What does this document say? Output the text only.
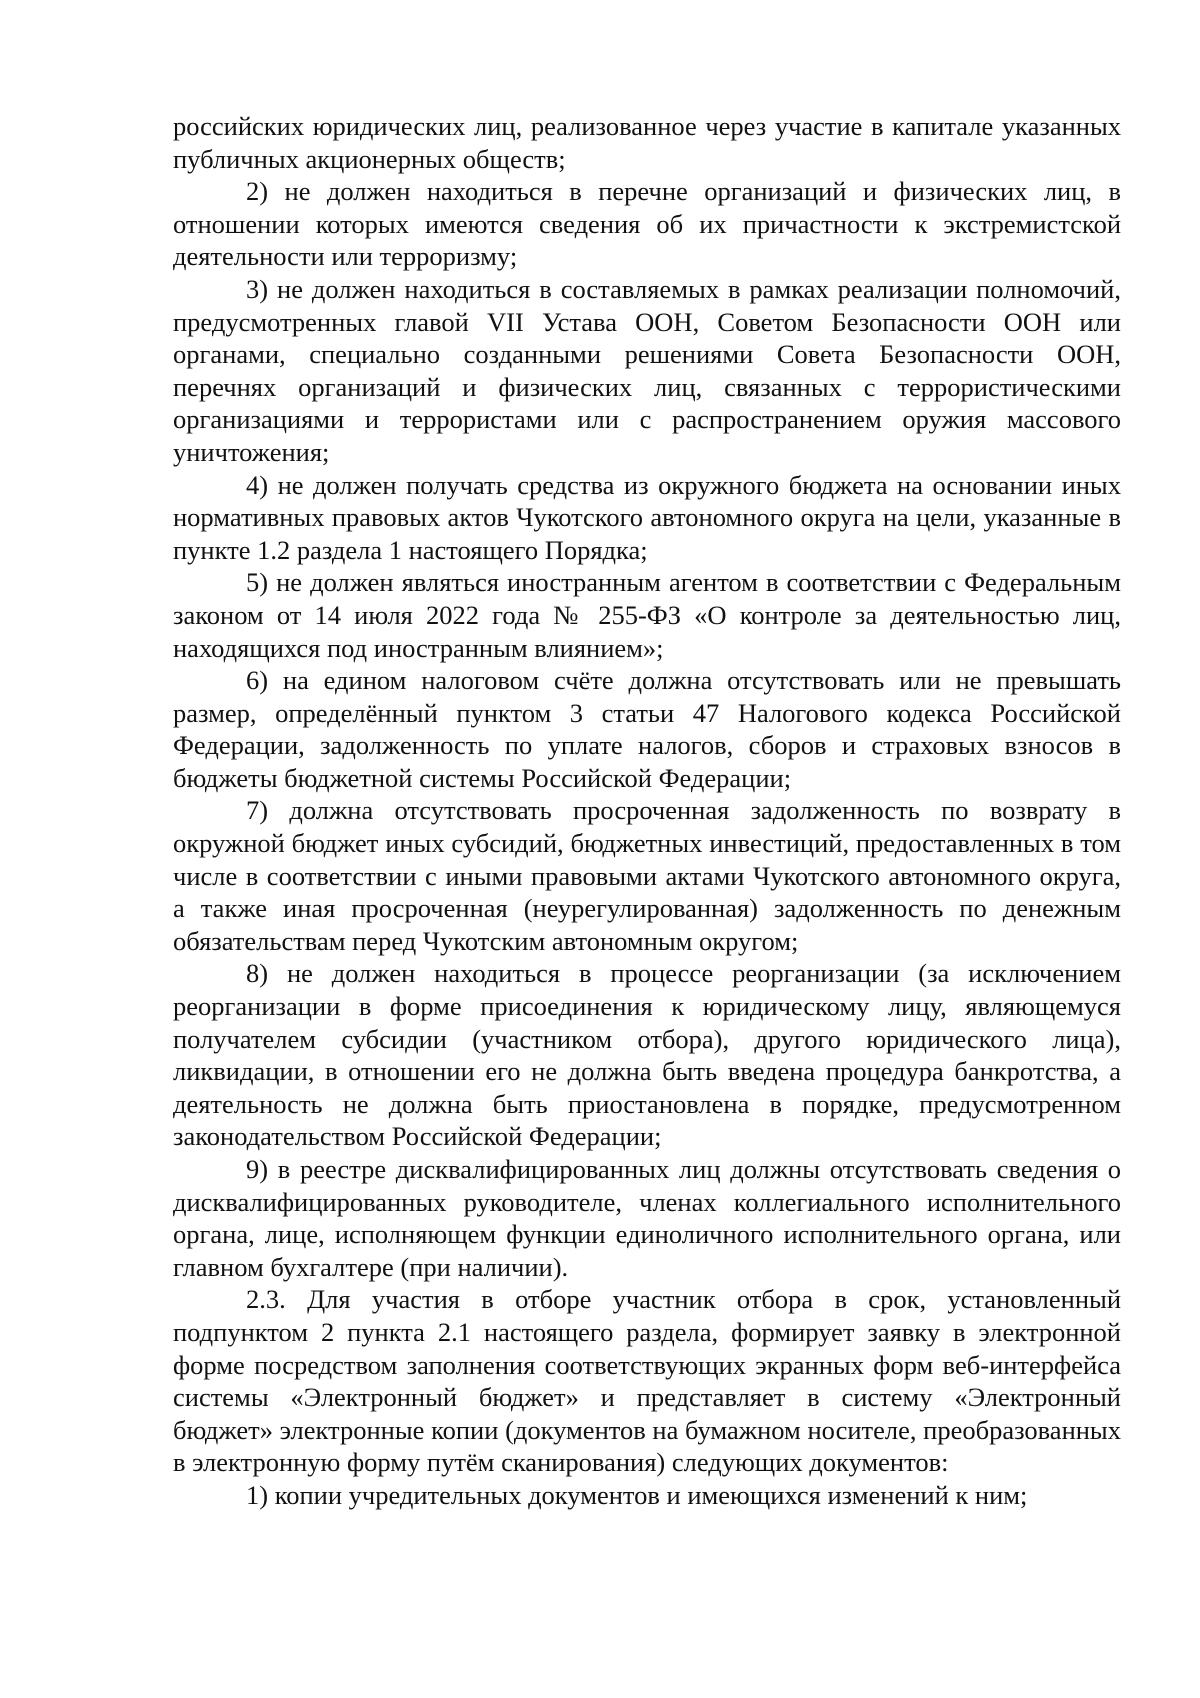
российских юридических лиц, реализованное через участие в капитале указанных публичных акционерных обществ;

2) не должен находиться в перечне организаций и физических лиц, в отношении которых имеются сведения об их причастности к экстремистской деятельности или терроризму;

3) не должен находиться в составляемых в рамках реализации полномочий, предусмотренных главой VII Устава ООН, Советом Безопасности ООН или органами, специально созданными решениями Совета Безопасности ООН, перечнях организаций и физических лиц, связанных с террористическими организациями и террористами или с распространением оружия массового уничтожения;

4) не должен получать средства из окружного бюджета на основании иных нормативных правовых актов Чукотского автономного округа на цели, указанные в пункте 1.2 раздела 1 настоящего Порядка;

5) не должен являться иностранным агентом в соответствии с Федеральным законом от 14 июля 2022 года № 255-ФЗ «О контроле за деятельностью лиц, находящихся под иностранным влиянием»;

6) на едином налоговом счёте должна отсутствовать или не превышать размер, определённый пунктом 3 статьи 47 Налогового кодекса Российской Федерации, задолженность по уплате налогов, сборов и страховых взносов в бюджеты бюджетной системы Российской Федерации;

7) должна отсутствовать просроченная задолженность по возврату в окружной бюджет иных субсидий, бюджетных инвестиций, предоставленных в том числе в соответствии с иными правовыми актами Чукотского автономного округа, а также иная просроченная (неурегулированная) задолженность по денежным обязательствам перед Чукотским автономным округом;

8) не должен находиться в процессе реорганизации (за исключением реорганизации в форме присоединения к юридическому лицу, являющемуся получателем субсидии (участником отбора), другого юридического лица), ликвидации, в отношении его не должна быть введена процедура банкротства, а деятельность не должна быть приостановлена в порядке, предусмотренном законодательством Российской Федерации;

9) в реестре дисквалифицированных лиц должны отсутствовать сведения о дисквалифицированных руководителе, членах коллегиального исполнительного органа, лице, исполняющем функции единоличного исполнительного органа, или главном бухгалтере (при наличии).

2.3. Для участия в отборе участник отбора в срок, установленный подпунктом 2 пункта 2.1 настоящего раздела, формирует заявку в электронной форме посредством заполнения соответствующих экранных форм веб-интерфейса системы «Электронный бюджет» и представляет в систему «Электронный бюджет» электронные копии (документов на бумажном носителе, преобразованных в электронную форму путём сканирования) следующих документов:

1) копии учредительных документов и имеющихся изменений к ним;
